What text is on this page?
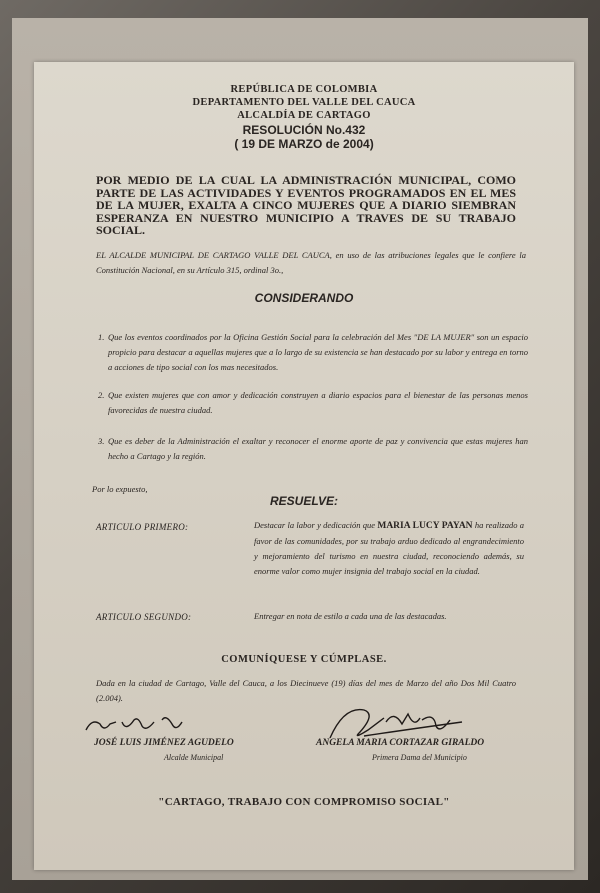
REPÚBLICA DE COLOMBIA
DEPARTAMENTO DEL VALLE DEL CAUCA
ALCALDÍA DE CARTAGO
RESOLUCIÓN No.432
( 19 DE MARZO de 2004)
POR MEDIO DE LA CUAL LA ADMINISTRACIÓN MUNICIPAL, COMO PARTE DE LAS ACTIVIDADES Y EVENTOS PROGRAMADOS EN EL MES DE LA MUJER, EXALTA A CINCO MUJERES QUE A DIARIO SIEMBRAN ESPERANZA EN NUESTRO MUNICIPIO A TRAVES DE SU TRABAJO SOCIAL.
EL ALCALDE MUNICIPAL DE CARTAGO VALLE DEL CAUCA, en uso de las atribuciones legales que le confiere la Constitución Nacional, en su Artículo 315, ordinal 3o.,
CONSIDERANDO
1. Que los eventos coordinados por la Oficina Gestión Social para la celebración del Mes "DE LA MUJER" son un espacio propicio para destacar a aquellas mujeres que a lo largo de su existencia se han destacado por su labor y entrega en torno a acciones de tipo social con los mas necesitados.
2. Que existen mujeres que con amor y dedicación construyen a diario espacios para el bienestar de las personas menos favorecidas de nuestra ciudad.
3. Que es deber de la Administración el exaltar y reconocer el enorme aporte de paz y convivencia que estas mujeres han hecho a Cartago y la región.
Por lo expuesto,
RESUELVE:
ARTICULO PRIMERO:	Destacar la labor y dedicación que MARIA LUCY PAYAN ha realizado a favor de las comunidades, por su trabajo arduo dedicado al engrandecimiento y mejoramiento del turismo en nuestra ciudad, reconociendo además, su enorme valor como mujer insignia del trabajo social en la ciudad.
ARTICULO SEGUNDO:	Entregar en nota de estilo a cada una de las destacadas.
COMUNÍQUESE Y CÚMPLASE.
Dada en la ciudad de Cartago, Valle del Cauca, a los Diecinueve (19) días del mes de Marzo del año Dos Mil Cuatro (2.004).
JOSÉ LUIS JIMÉNEZ AGUDELO
Alcalde Municipal
ANGELA MARIA CORTAZAR GIRALDO
Primera Dama del Municipio
"CARTAGO, TRABAJO CON COMPROMISO SOCIAL"
